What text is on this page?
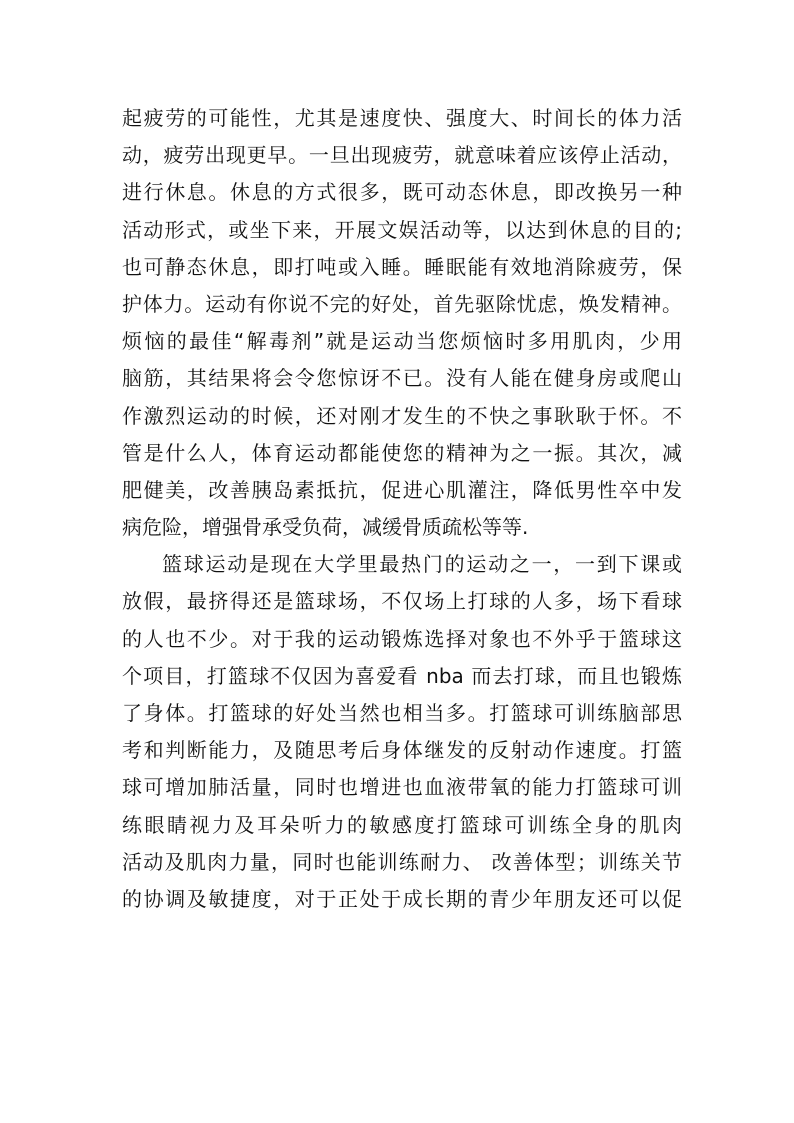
起疲劳的可能性，尤其是速度快、强度大、时间长的体力活
动，疲劳出现更早。一旦出现疲劳，就意味着应该停止活动，
进行休息。休息的方式很多，既可动态休息，即改换另一种
活动形式，或坐下来，开展文娱活动等，以达到休息的目的;
也可静态休息，即打吨或入睡。睡眠能有效地消除疲劳，保
护体力。运动有你说不完的好处，首先驱除忧虑，焕发精神。
烦恼的最佳“解毒剂”就是运动当您烦恼时多用肌肉，少用
脑筋，其结果将会令您惊讶不已。没有人能在健身房或爬山
作激烈运动的时候，还对刚才发生的不快之事耿耿于怀。不
管是什么人，体育运动都能使您的精神为之一振。其次，减
肥健美，改善胰岛素抵抗，促进心肌灌注，降低男性卒中发
病危险，增强骨承受负荷，减缓骨质疏松等等.
篮球运动是现在大学里最热门的运动之一，一到下课或
放假，最挤得还是篮球场，不仅场上打球的人多，场下看球
的人也不少。对于我的运动锻炼选择对象也不外乎于篮球这
个项目，打篮球不仅因为喜爱看 nba 而去打球，而且也锻炼
了身体。打篮球的好处当然也相当多。打篮球可训练脑部思
考和判断能力，及随思考后身体继发的反射动作速度。打篮
球可增加肺活量，同时也增进也血液带氧的能力打篮球可训
练眼睛视力及耳朵听力的敏感度打篮球可训练全身的肌肉
活动及肌肉力量，同时也能训练耐力、 改善体型；训练关节
的协调及敏捷度，对于正处于成长期的青少年朋友还可以促
